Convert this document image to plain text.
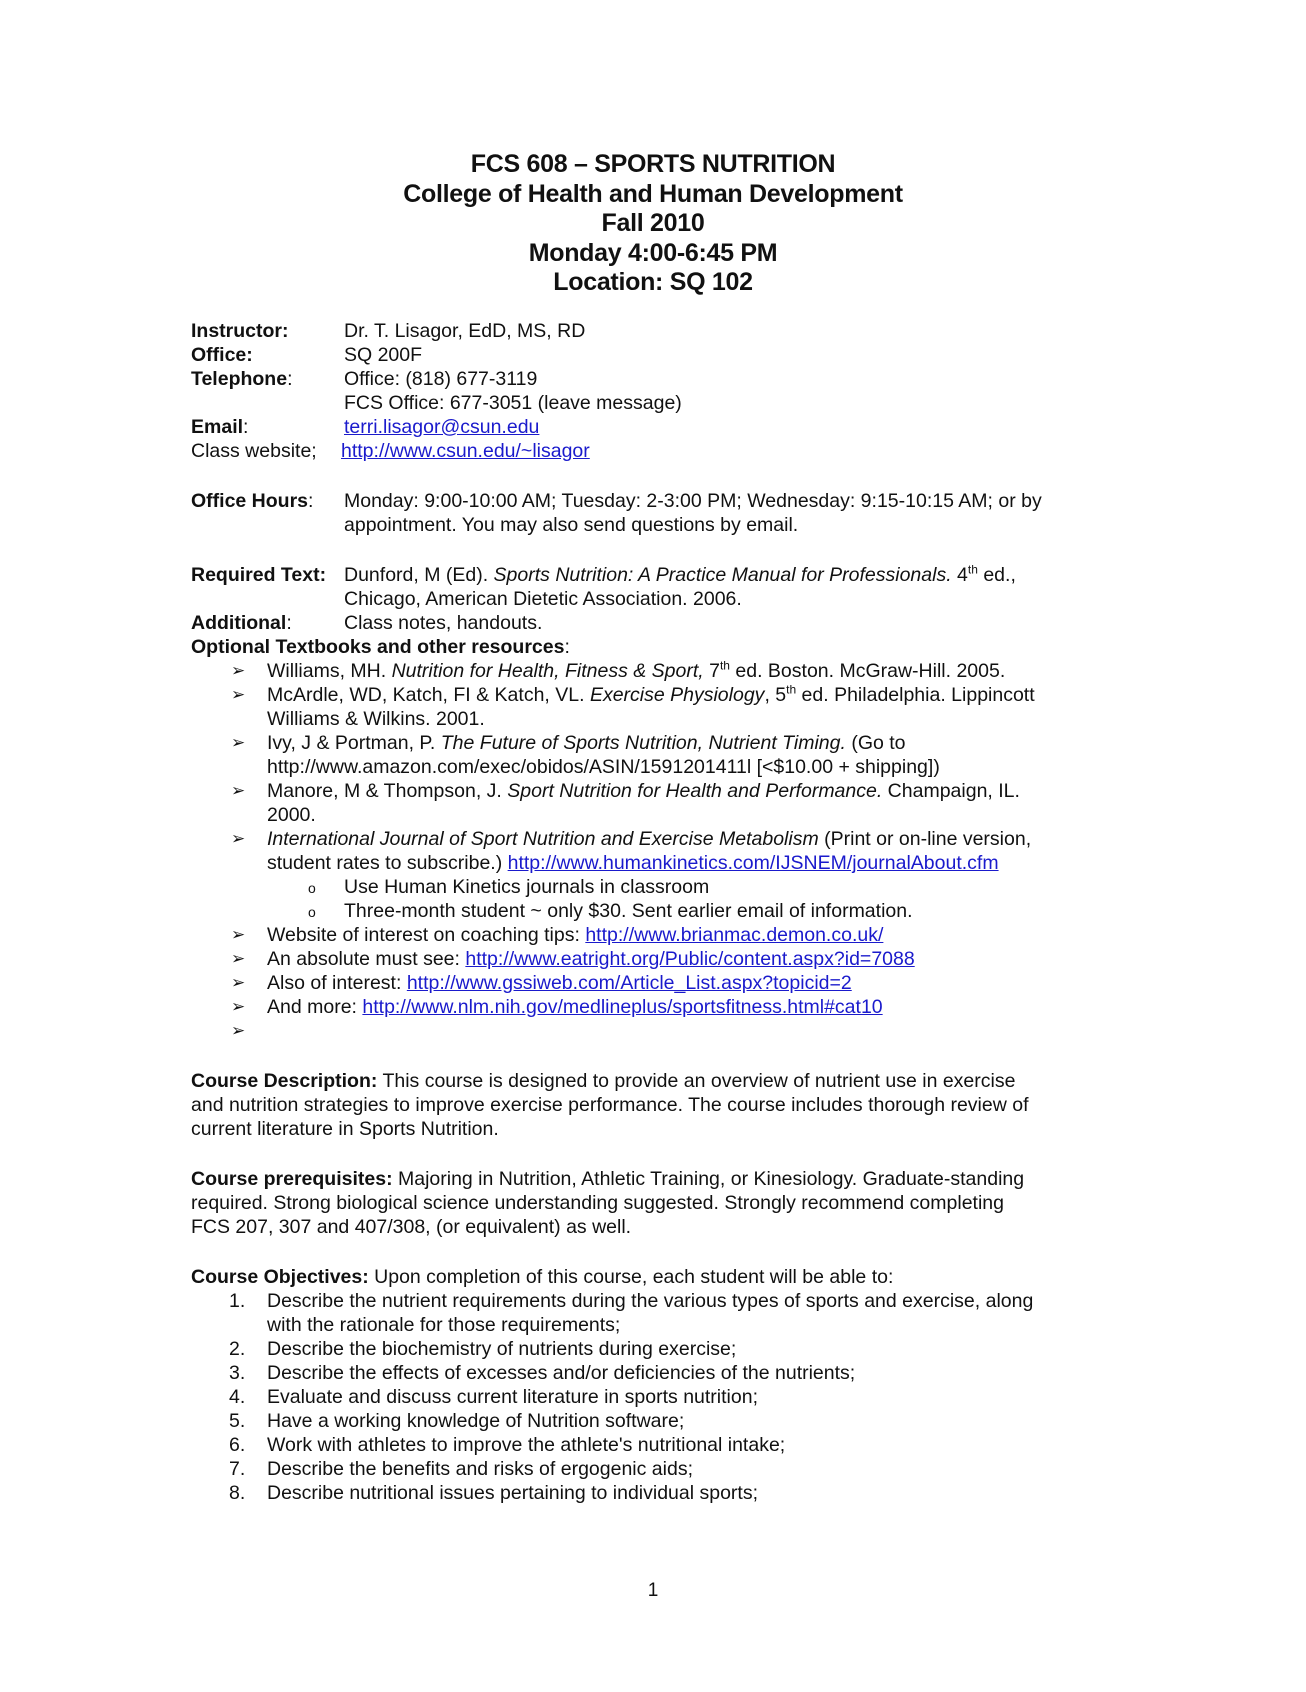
FCS 608 – SPORTS NUTRITION
College of Health and Human Development
Fall 2010
Monday 4:00-6:45 PM
Location: SQ 102
Instructor:	Dr. T. Lisagor, EdD, MS, RD
Office:	SQ 200F
Telephone:	Office: (818) 677-3119
FCS Office: 677-3051 (leave message)
Email:	terri.lisagor@csun.edu
Class website;	http://www.csun.edu/~lisagor
Office Hours:	Monday: 9:00-10:00 AM; Tuesday: 2-3:00 PM; Wednesday: 9:15-10:15 AM; or by
appointment. You may also send questions by email.
Required Text: Dunford, M (Ed). Sports Nutrition: A Practice Manual for Professionals. 4th ed.,
Chicago, American Dietetic Association. 2006.
Additional:	Class notes, handouts.
Optional Textbooks and other resources:
➢ Williams, MH. Nutrition for Health, Fitness & Sport, 7th ed. Boston. McGraw-Hill. 2005.
➢ McArdle, WD, Katch, FI & Katch, VL. Exercise Physiology, 5th ed. Philadelphia. Lippincott
Williams & Wilkins. 2001.
➢ Ivy, J & Portman, P. The Future of Sports Nutrition, Nutrient Timing. (Go to
http://www.amazon.com/exec/obidos/ASIN/1591201411l [<$10.00 + shipping])
➢ Manore, M & Thompson, J. Sport Nutrition for Health and Performance. Champaign, IL.
2000.
➢ International Journal of Sport Nutrition and Exercise Metabolism (Print or on-line version,
student rates to subscribe.) http://www.humankinetics.com/IJSNEM/journalAbout.cfm
o Use Human Kinetics journals in classroom
o Three-month student ~ only $30. Sent earlier email of information.
➢ Website of interest on coaching tips: http://www.brianmac.demon.co.uk/
➢ An absolute must see: http://www.eatright.org/Public/content.aspx?id=7088
➢ Also of interest: http://www.gssiweb.com/Article_List.aspx?topicid=2
➢ And more: http://www.nlm.nih.gov/medlineplus/sportsfitness.html#cat10
➢

Course Description: This course is designed to provide an overview of nutrient use in exercise
and nutrition strategies to improve exercise performance. The course includes thorough review of
current literature in Sports Nutrition.
Course prerequisites: Majoring in Nutrition, Athletic Training, or Kinesiology. Graduate-standing
required. Strong biological science understanding suggested. Strongly recommend completing
FCS 207, 307 and 407/308, (or equivalent) as well.
Course Objectives: Upon completion of this course, each student will be able to:
1. Describe the nutrient requirements during the various types of sports and exercise, along
with the rationale for those requirements;
2. Describe the biochemistry of nutrients during exercise;
3. Describe the effects of excesses and/or deficiencies of the nutrients;
4. Evaluate and discuss current literature in sports nutrition;
5. Have a working knowledge of Nutrition software;
6. Work with athletes to improve the athlete's nutritional intake;
7. Describe the benefits and risks of ergogenic aids;
8. Describe nutritional issues pertaining to individual sports;
1
